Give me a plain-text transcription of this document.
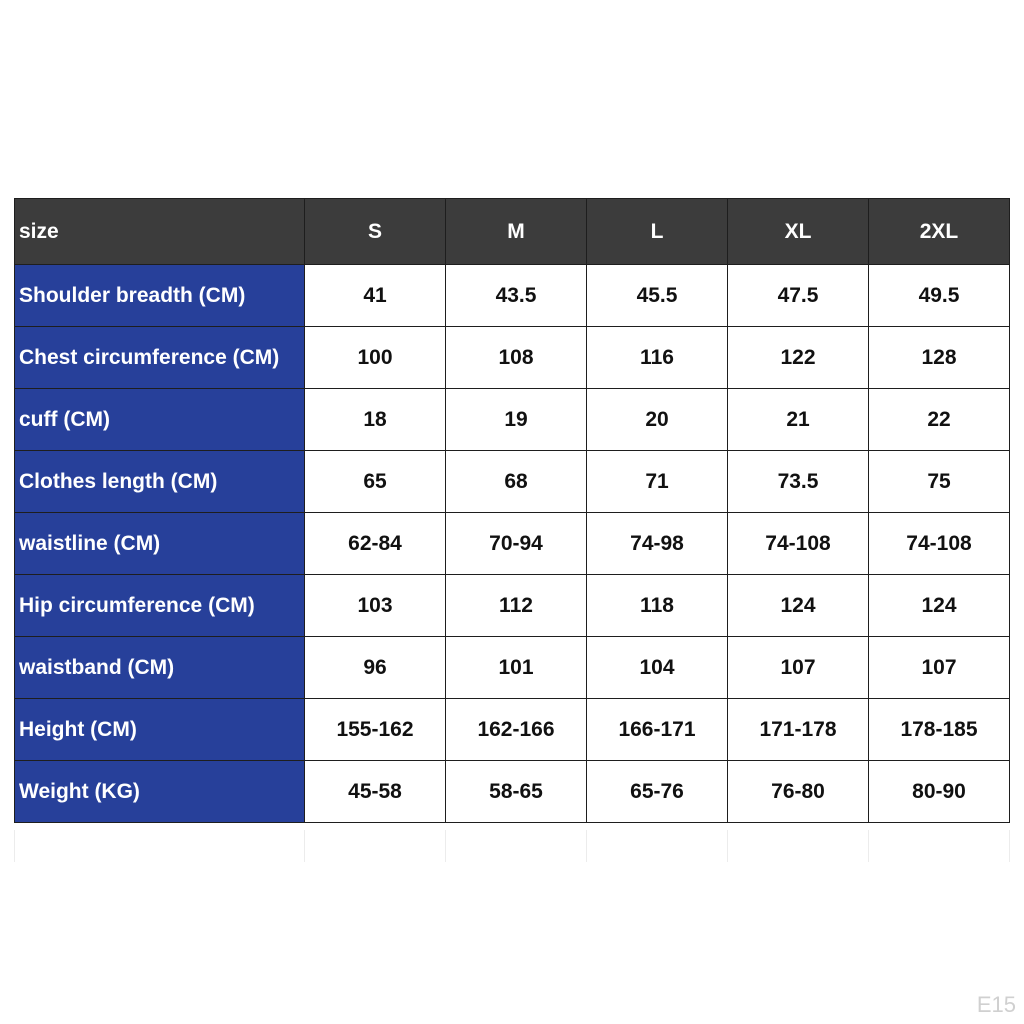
size	S	M	L	XL	2XL
Shoulder breadth (CM)	41	43.5	45.5	47.5	49.5
Chest circumference (CM)	100	108	116	122	128
cuff (CM)	18	19	20	21	22
Clothes length (CM)	65	68	71	73.5	75
waistline (CM)	62-84	70-94	74-98	74-108	74-108
Hip circumference (CM)	103	112	118	124	124
waistband (CM)	96	101	104	107	107
Height (CM)	155-162	162-166	166-171	171-178	178-185
Weight (KG)	45-58	58-65	65-76	76-80	80-90
E15
